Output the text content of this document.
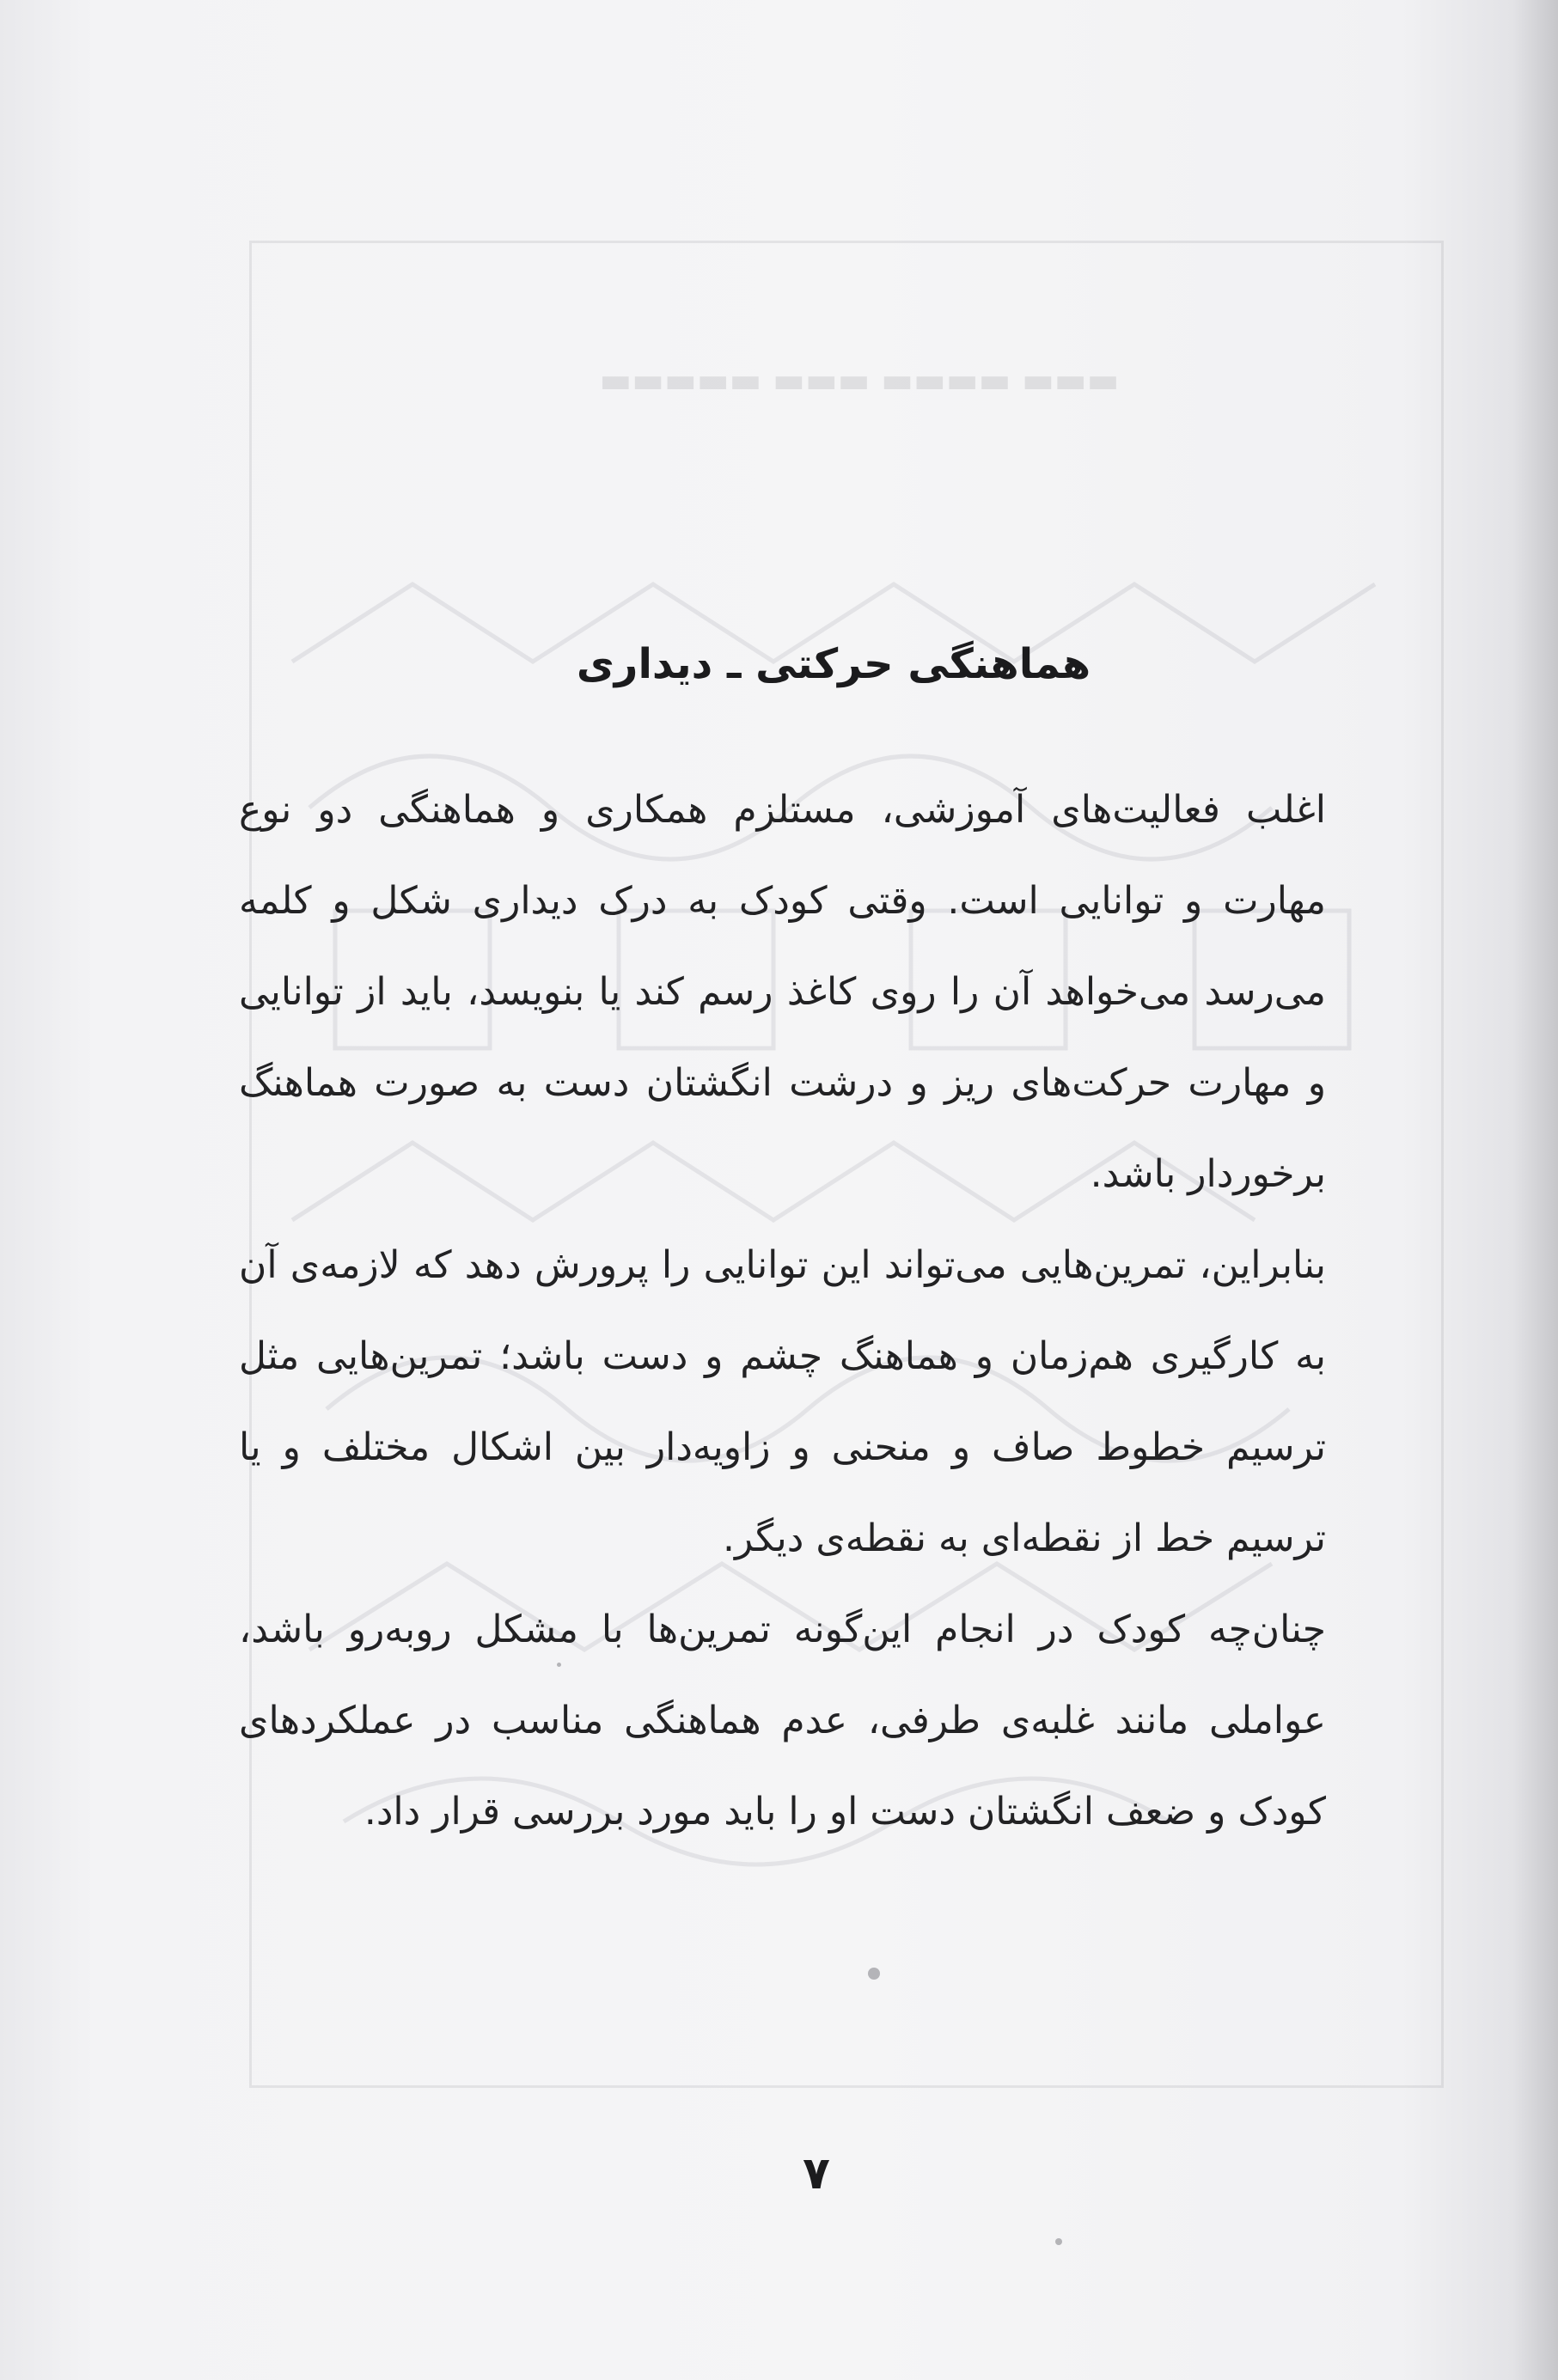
▬▬▬ ▬▬▬▬ ▬▬▬ ▬▬▬▬▬
هماهنگی حرکتی ـ دیداری

اغلب فعالیت‌های آموزشی، مستلزم همکاری و هماهنگی دو نوع مهارت و توانایی است. وقتی کودک به درک دیداری شکل و کلمه می‌رسد می‌خواهد آن را روی کاغذ رسم کند یا بنویسد، باید از توانایی و مهارت حرکت‌های ریز و درشت انگشتان دست به صورت هماهنگ برخوردار باشد.

بنابراین، تمرین‌هایی می‌تواند این توانایی را پرورش دهد که لازمه‌ی آن به کارگیری هم‌زمان و هماهنگ چشم و دست باشد؛ تمرین‌هایی مثل ترسیم خطوط صاف و منحنی و زاویه‌دار بین اشکال مختلف و یا ترسیم خط از نقطه‌ای به نقطه‌ی دیگر.

چنان‌چه کودک در انجام این‌گونه تمرین‌ها با مشکل روبه‌رو باشد، عواملی مانند غلبه‌ی طرفی، عدم هماهنگی مناسب در عملکردهای کودک و ضعف انگشتان دست او را باید مورد بررسی قرار داد.

۷
